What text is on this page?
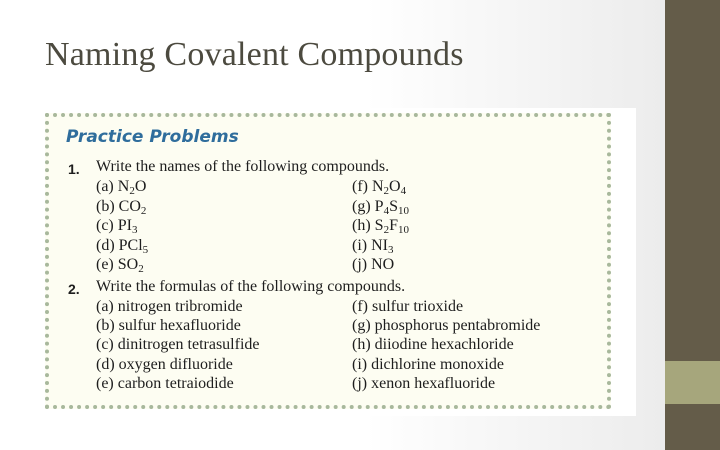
Naming Covalent Compounds
Practice Problems
1. Write the names of the following compounds.
2. Write the formulas of the following compounds.
(a) $N_2O$
(b) $CO_2$
(c) $PI_3$
(d) PCl$_5$
(e) $SO_2$
(f) $N_2O_4$
(g) $P_4S_{10}$
(h) $S_2F_{10}$
(i) $NI_3$
(j) NO
(a) nitrogen tribromide
(b) sulfur hexafluoride
(c) dinitrogen tetrasulfide
(d) oxygen difluoride
(e) carbon tetraiodide
(f) sulfur trioxide
(g) phosphorus pentabromide
(h) diiodine hexachloride
(i) dichlorine monoxide
(j) xenon hexafluoride
